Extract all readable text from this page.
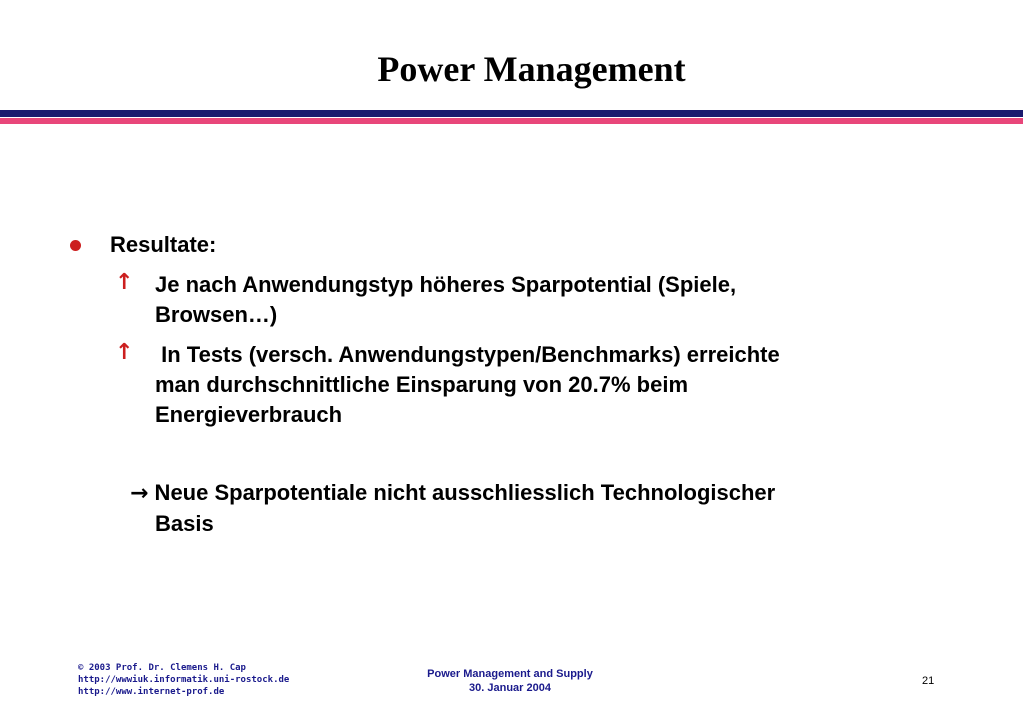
Power Management
Resultate:
↑ Je nach Anwendungstyp höheres Sparpotential (Spiele,
Browsen…)
↑ In Tests (versch. Anwendungstypen/Benchmarks) erreichte
man durchschnittliche Einsparung von 20.7% beim
Energieverbrauch
→ Neue Sparpotentiale nicht ausschliesslich Technologischer
Basis
© 2003 Prof. Dr. Clemens H. Cap
http://wwwiuk.informatik.uni-rostock.de
http://www.internet-prof.de
Power Management and Supply
30. Januar 2004
21
